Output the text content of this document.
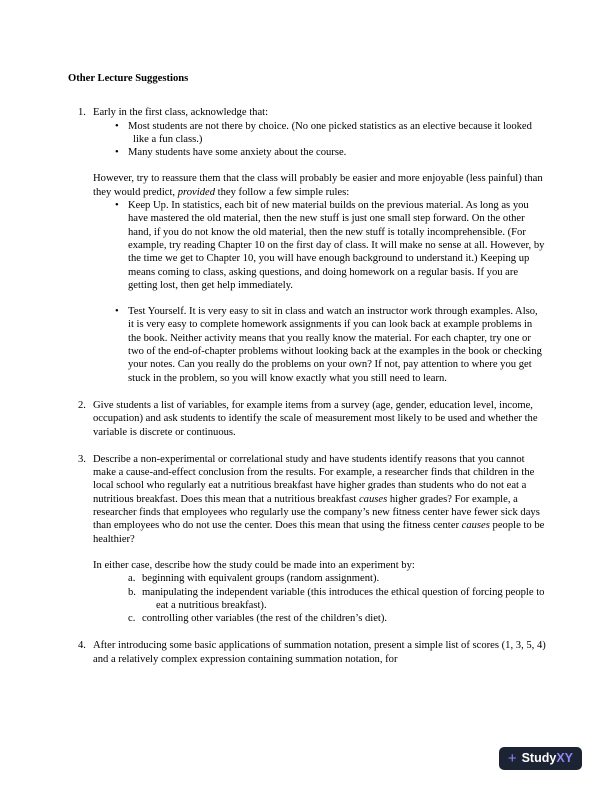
Other Lecture Suggestions
1. Early in the first class, acknowledge that:

• Most students are not there by choice. (No one picked statistics as an elective because it looked like a fun class.)
• Many students have some anxiety about the course.

However, try to reassure them that the class will probably be easier and more enjoyable (less painful) than they would predict, provided they follow a few simple rules:

• Keep Up. In statistics, each bit of new material builds on the previous material. As long as you have mastered the old material, then the new stuff is just one small step forward. On the other hand, if you do not know the old material, then the new stuff is totally incomprehensible. (For example, try reading Chapter 10 on the first day of class. It will make no sense at all. However, by the time we get to Chapter 10, you will have enough background to understand it.) Keeping up means coming to class, asking questions, and doing homework on a regular basis. If you are getting lost, then get help immediately.
• Test Yourself. It is very easy to sit in class and watch an instructor work through examples. Also, it is very easy to complete homework assignments if you can look back at example problems in the book. Neither activity means that you really know the material. For each chapter, try one or two of the end-of-chapter problems without looking back at the examples in the book or checking your notes. Can you really do the problems on your own? If not, pay attention to where you get stuck in the problem, so you will know exactly what you still need to learn.
2. Give students a list of variables, for example items from a survey (age, gender, education level, income, occupation) and ask students to identify the scale of measurement most likely to be used and whether the variable is discrete or continuous.

3. Describe a non-experimental or correlational study and have students identify reasons that you cannot make a cause-and-effect conclusion from the results. For example, a researcher finds that children in the local school who regularly eat a nutritious breakfast have higher grades than students who do not eat a nutritious breakfast. Does this mean that a nutritious breakfast causes higher grades? For example, a researcher finds that employees who regularly use the company’s new fitness center have fewer sick days than employees who do not use the center. Does this mean that using the fitness center causes people to be healthier?

In either case, describe how the study could be made into an experiment by:

a. beginning with equivalent groups (random assignment).
b. manipulating the independent variable (this introduces the ethical question of forcing people to eat a nutritious breakfast).
c. controlling other variables (the rest of the children’s diet).
4. After introducing some basic applications of summation notation, present a simple list of scores (1, 3, 5, 4) and a relatively complex expression containing summation notation, for

+ StudyXY
